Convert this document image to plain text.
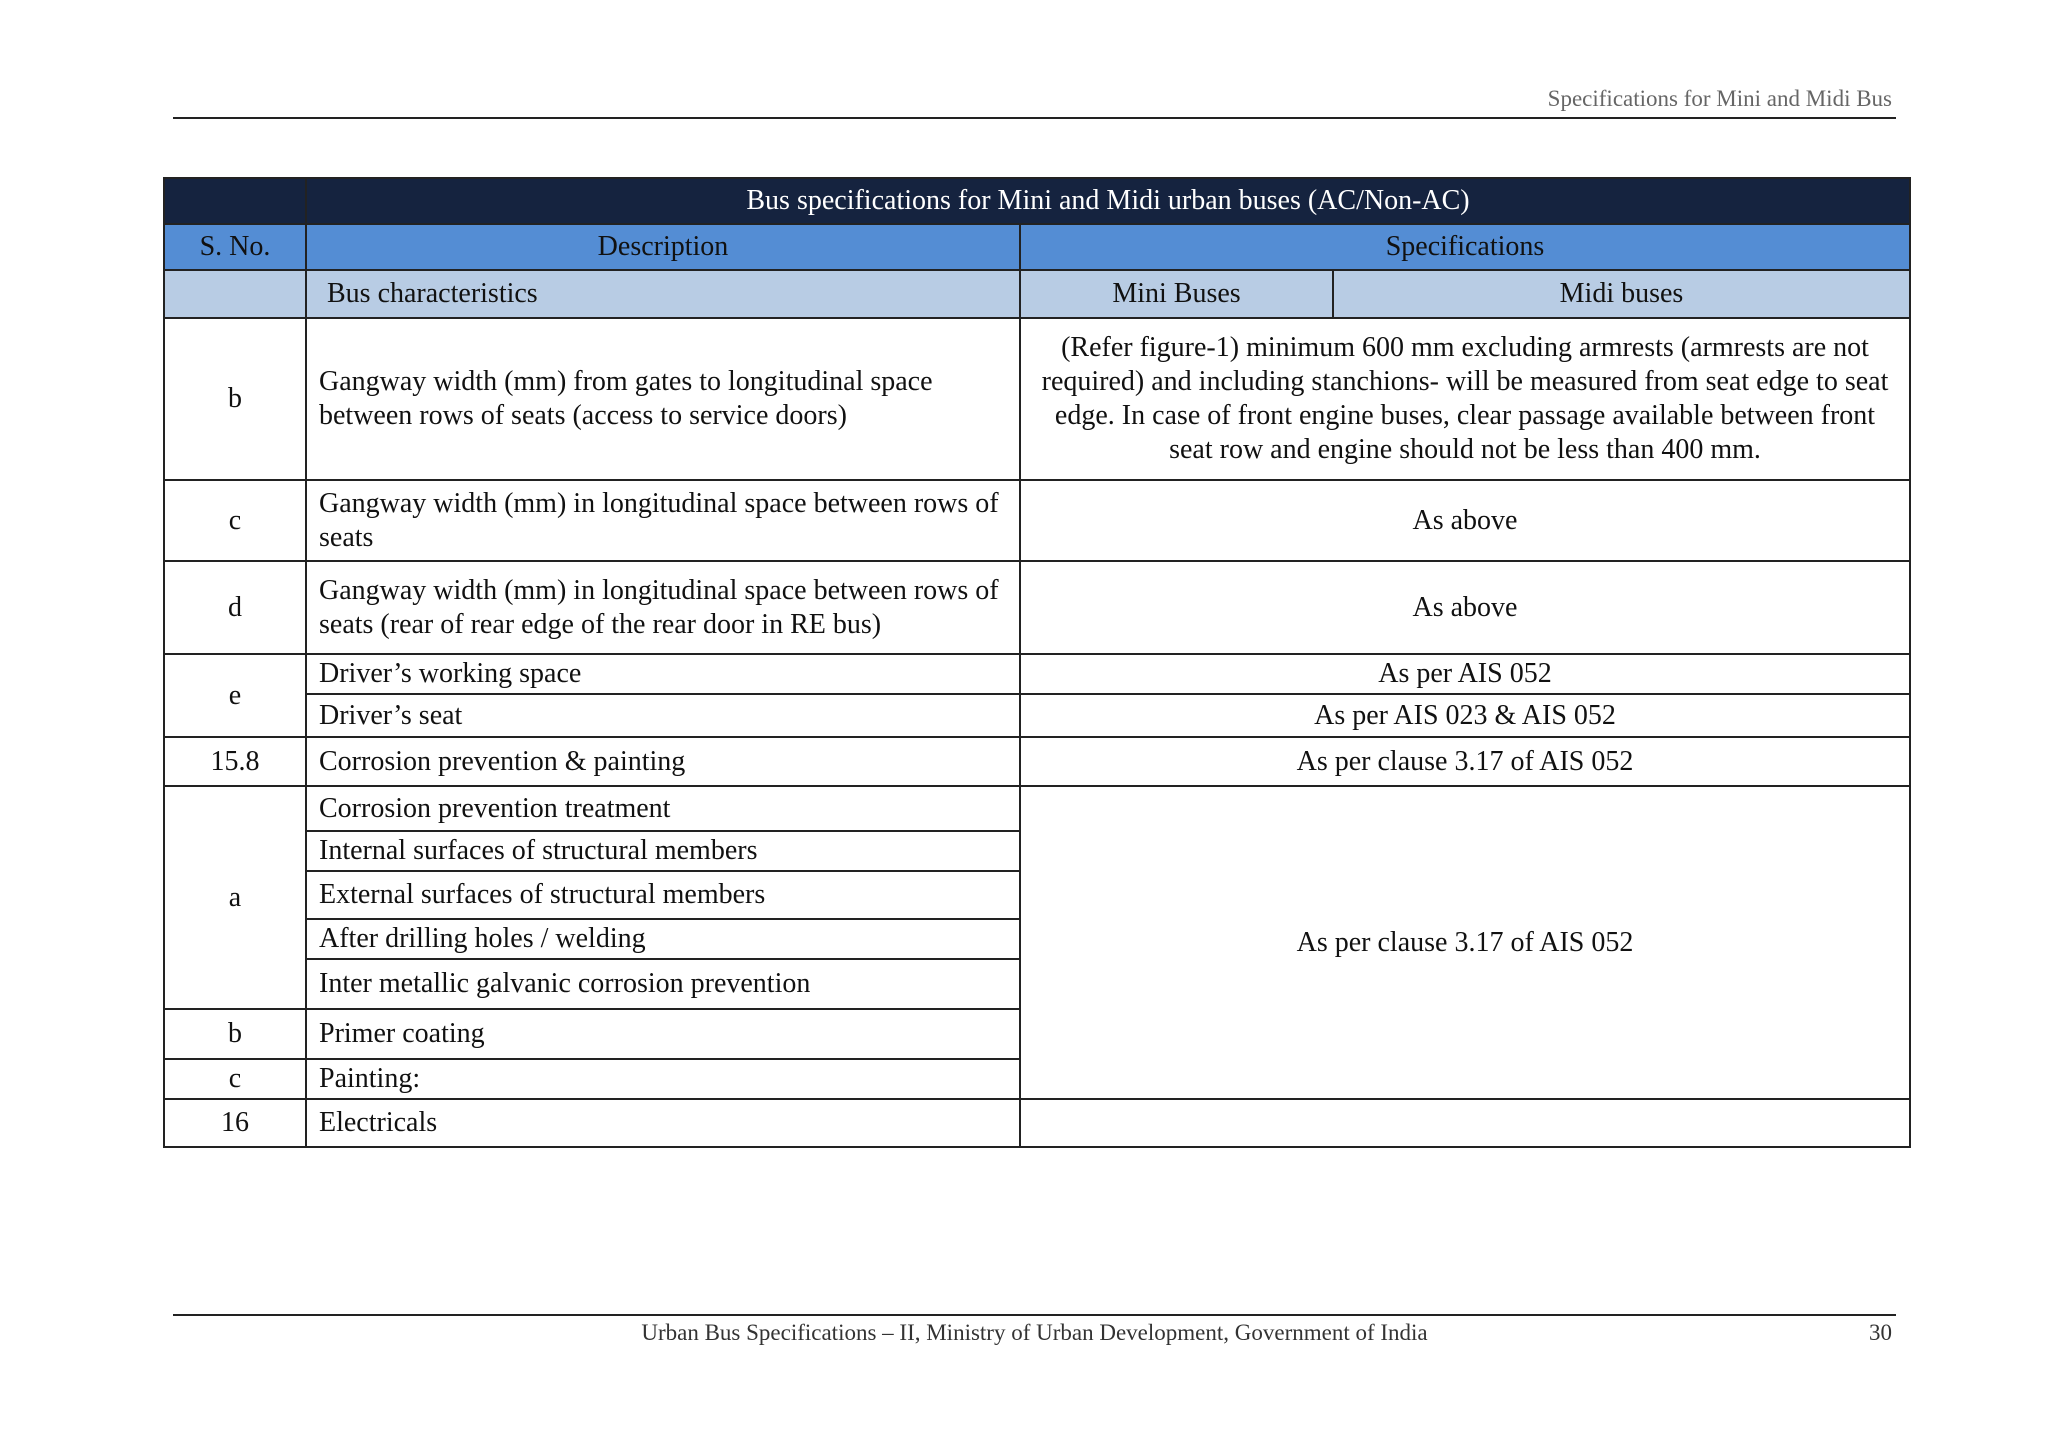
Specifications for Mini and Midi Bus
	Bus specifications for Mini and Midi urban buses (AC/Non-AC)		
S. No.	Description	Specifications	
	Bus characteristics	Mini Buses	Midi buses
b	Gangway width (mm) from gates to longitudinal space between rows of seats (access to service doors)	(Refer figure-1) minimum 600 mm excluding armrests (armrests are not required) and including stanchions- will be measured from seat edge to seat edge. In case of front engine buses, clear passage available between front seat row and engine should not be less than 400 mm.	
c	Gangway width (mm) in longitudinal space between rows of seats	As above	
d	Gangway width (mm) in longitudinal space between rows of seats (rear of rear edge of the rear door in RE bus)	As above	
e	Driver’s working space	As per AIS 052	
	Driver’s seat	As per AIS 023 & AIS 052	
15.8	Corrosion prevention & painting	As per clause 3.17 of AIS 052	
a	Corrosion prevention treatment	As per clause 3.17 of AIS 052	
	Internal surfaces of structural members		
	External surfaces of structural members		
	After drilling holes / welding		
	Inter metallic galvanic corrosion prevention		
b	Primer coating		
c	Painting:		
16	Electricals		
Urban Bus Specifications – II, Ministry of Urban Development, Government of India	30
